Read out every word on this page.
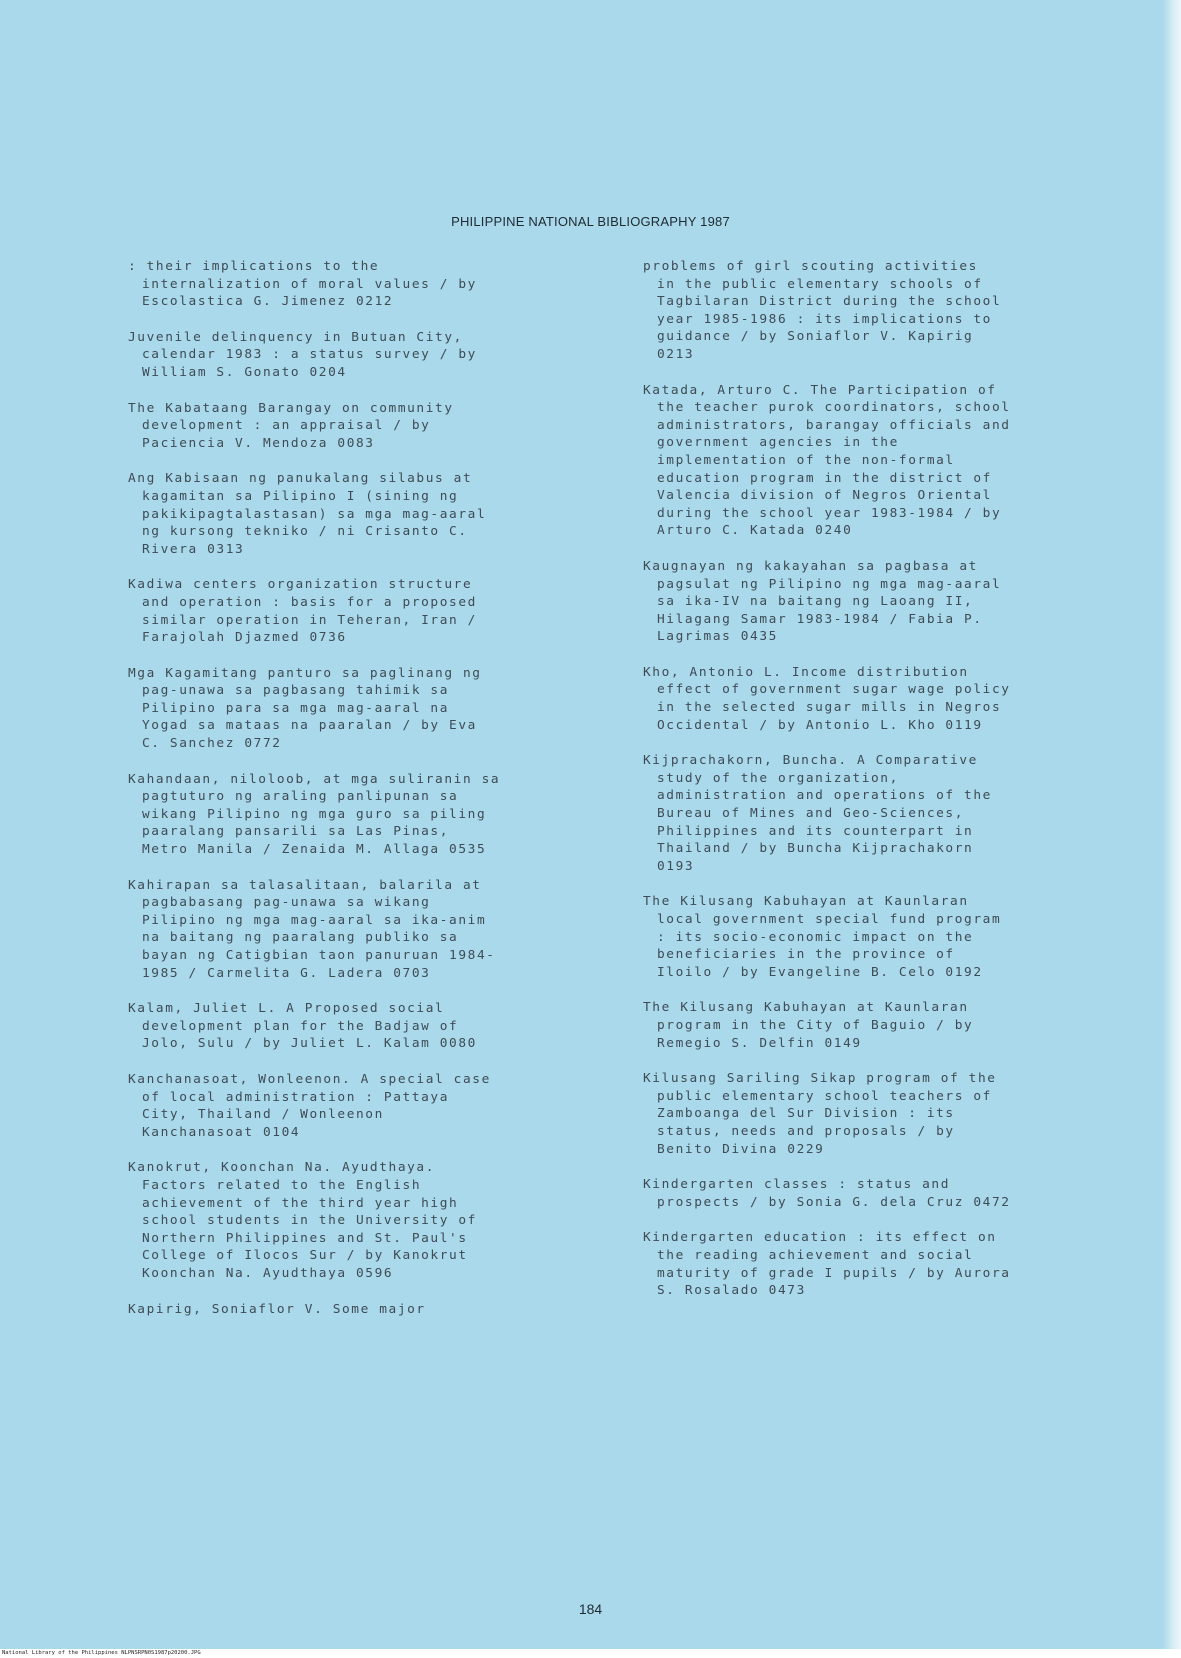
PHILIPPINE NATIONAL BIBLIOGRAPHY 1987
: their implications to the
internalization of moral values / by
Escolastica G. Jimenez 0212
Juvenile delinquency in Butuan City,
calendar 1983 : a status survey / by
William S. Gonato 0204
The Kabataang Barangay on community
development : an appraisal / by
Paciencia V. Mendoza 0083
Ang Kabisaan ng panukalang silabus at
kagamitan sa Pilipino I (sining ng
pakikipagtalastasan) sa mga mag-aaral
ng kursong tekniko / ni Crisanto C.
Rivera 0313
Kadiwa centers organization structure
and operation : basis for a proposed
similar operation in Teheran, Iran /
Farajolah Djazmed 0736
Mga Kagamitang panturo sa paglinang ng
pag-unawa sa pagbasang tahimik sa
Pilipino para sa mga mag-aaral na
Yogad sa mataas na paaralan / by Eva
C. Sanchez 0772
Kahandaan, niloloob, at mga suliranin sa
pagtuturo ng araling panlipunan sa
wikang Pilipino ng mga guro sa piling
paaralang pansarili sa Las Pinas,
Metro Manila / Zenaida M. Allaga 0535
Kahirapan sa talasalitaan, balarila at
pagbabasang pag-unawa sa wikang
Pilipino ng mga mag-aaral sa ika-anim
na baitang ng paaralang publiko sa
bayan ng Catigbian taon panuruan 1984-
1985 / Carmelita G. Ladera 0703
Kalam, Juliet L. A Proposed social
development plan for the Badjaw of
Jolo, Sulu / by Juliet L. Kalam 0080
Kanchanasoat, Wonleenon. A special case
of local administration : Pattaya
City, Thailand / Wonleenon
Kanchanasoat 0104
Kanokrut, Koonchan Na. Ayudthaya.
Factors related to the English
achievement of the third year high
school students in the University of
Northern Philippines and St. Paul's
College of Ilocos Sur / by Kanokrut
Koonchan Na. Ayudthaya 0596
Kapirig, Soniaflor V. Some major
problems of girl scouting activities
in the public elementary schools of
Tagbilaran District during the school
year 1985-1986 : its implications to
guidance / by Soniaflor V. Kapirig
0213
Katada, Arturo C. The Participation of
the teacher purok coordinators, school
administrators, barangay officials and
government agencies in the
implementation of the non-formal
education program in the district of
Valencia division of Negros Oriental
during the school year 1983-1984 / by
Arturo C. Katada 0240
Kaugnayan ng kakayahan sa pagbasa at
pagsulat ng Pilipino ng mga mag-aaral
sa ika-IV na baitang ng Laoang II,
Hilagang Samar 1983-1984 / Fabia P.
Lagrimas 0435
Kho, Antonio L. Income distribution
effect of government sugar wage policy
in the selected sugar mills in Negros
Occidental / by Antonio L. Kho 0119
Kijprachakorn, Buncha. A Comparative
study of the organization,
administration and operations of the
Bureau of Mines and Geo-Sciences,
Philippines and its counterpart in
Thailand / by Buncha Kijprachakorn
0193
The Kilusang Kabuhayan at Kaunlaran
local government special fund program
: its socio-economic impact on the
beneficiaries in the province of
Iloilo / by Evangeline B. Celo 0192
The Kilusang Kabuhayan at Kaunlaran
program in the City of Baguio / by
Remegio S. Delfin 0149
Kilusang Sariling Sikap program of the
public elementary school teachers of
Zamboanga del Sur Division : its
status, needs and proposals / by
Benito Divina 0229
Kindergarten classes : status and
prospects / by Sonia G. dela Cruz 0472
Kindergarten education : its effect on
the reading achievement and social
maturity of grade I pupils / by Aurora
S. Rosalado 0473
184
National Library of the Philippines NLPNSRPN0S1987p20200.JPG
